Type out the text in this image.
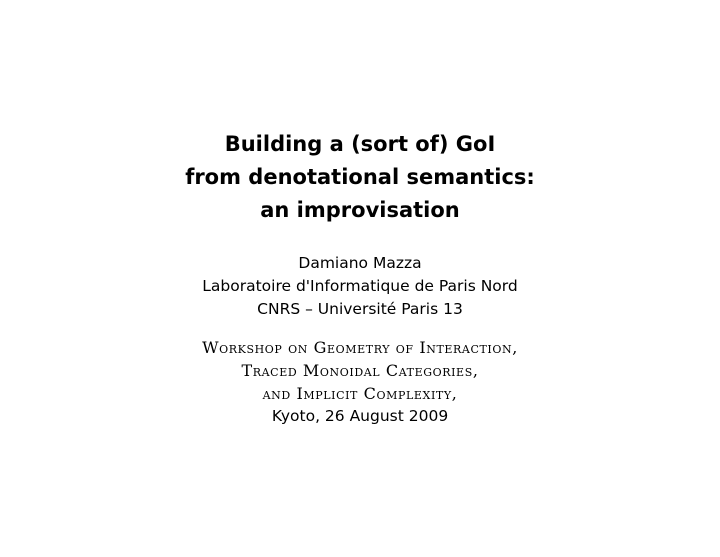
Building a (sort of) GoI
from denotational semantics:
an improvisation
Damiano Mazza
Laboratoire d'Informatique de Paris Nord
CNRS – Université Paris 13
Workshop on Geometry of Interaction,
Traced Monoidal Categories,
and Implicit Complexity,
Kyoto, 26 August 2009
